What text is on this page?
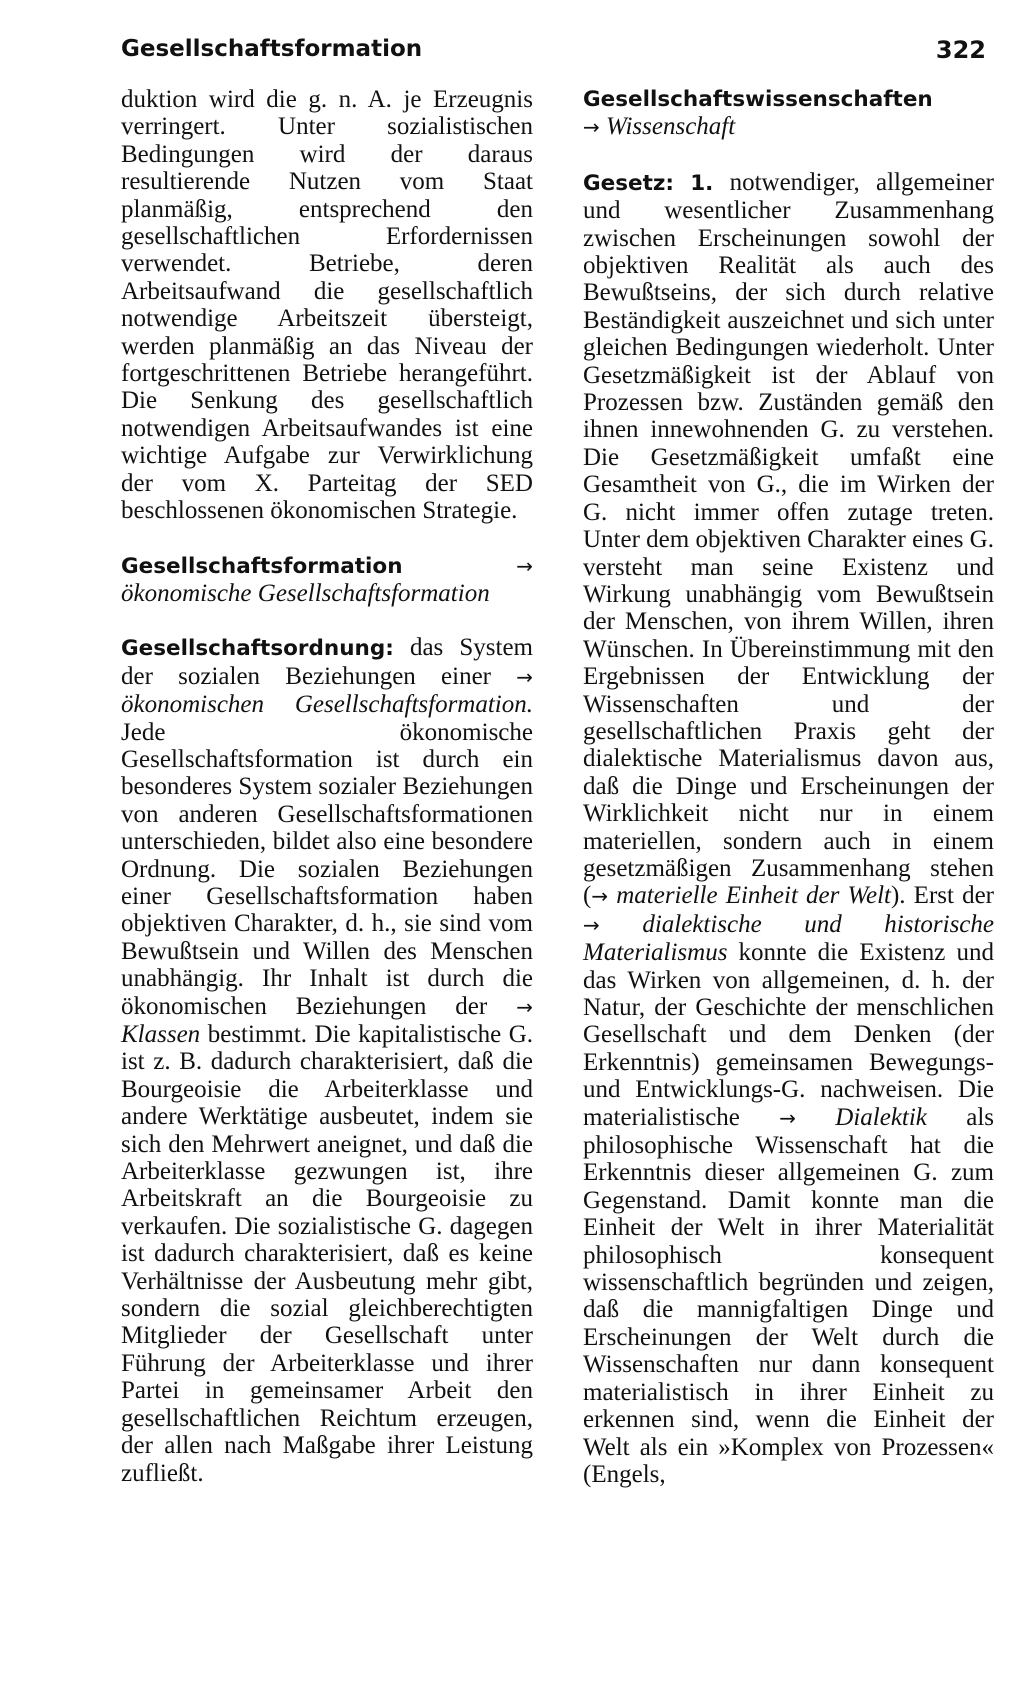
Gesellschaftsformation	322

duktion wird die g. n. A. je Erzeugnis verringert. Unter sozialistischen Bedingungen wird der daraus resultierende Nutzen vom Staat planmäßig, entsprechend den gesellschaftlichen Erfordernissen verwendet. Betriebe, deren Arbeitsaufwand die gesellschaftlich notwendige Arbeitszeit übersteigt, werden planmäßig an das Niveau der fortgeschrittenen Betriebe herangeführt. Die Senkung des gesellschaftlich notwendigen Arbeitsaufwandes ist eine wichtige Aufgabe zur Verwirklichung der vom X. Parteitag der SED beschlossenen ökonomischen Strategie.

Gesellschaftsformation	→ ökonomische Gesellschaftsformation

Gesellschaftsordnung: das System der sozialen Beziehungen einer → ökonomischen Gesellschaftsformation. Jede ökonomische Gesellschaftsformation ist durch ein besonderes System sozialer Beziehungen von anderen Gesellschaftsformationen unterschieden, bildet also eine besondere Ordnung. Die sozialen Beziehungen einer Gesellschaftsformation haben objektiven Charakter, d. h., sie sind vom Bewußtsein und Willen des Menschen unabhängig. Ihr Inhalt ist durch die ökonomischen Beziehungen der → Klassen bestimmt. Die kapitalistische G. ist z. B. dadurch charakterisiert, daß die Bourgeoisie die Arbeiterklasse und andere Werktätige ausbeutet, indem sie sich den Mehrwert aneignet, und daß die Arbeiterklasse gezwungen ist, ihre Arbeitskraft an die Bourgeoisie zu verkaufen. Die sozialistische G. dagegen ist dadurch charakterisiert, daß es keine Verhältnisse der Ausbeutung mehr gibt, sondern die sozial gleichberechtigten Mitglieder der Gesellschaft unter Führung der Arbeiterklasse und ihrer Partei in gemeinsamer Arbeit den gesellschaftlichen Reichtum erzeugen, der allen nach Maßgabe ihrer Leistung zufließt.

Gesellschaftswissenschaften
→ Wissenschaft

Gesetz: 1. notwendiger, allgemeiner und wesentlicher Zusammenhang zwischen Erscheinungen sowohl der objektiven Realität als auch des Bewußtseins, der sich durch relative Beständigkeit auszeichnet und sich unter gleichen Bedingungen wiederholt. Unter Gesetzmäßigkeit ist der Ablauf von Prozessen bzw. Zuständen gemäß den ihnen innewohnenden G. zu verstehen. Die Gesetzmäßigkeit umfaßt eine Gesamtheit von G., die im Wirken der G. nicht immer offen zutage treten. Unter dem objektiven Charakter eines G. versteht man seine Existenz und Wirkung unabhängig vom Bewußtsein der Menschen, von ihrem Willen, ihren Wünschen. In Übereinstimmung mit den Ergebnissen der Entwicklung der Wissenschaften und der gesellschaftlichen Praxis geht der dialektische Materialismus davon aus, daß die Dinge und Erscheinungen der Wirklichkeit nicht nur in einem materiellen, sondern auch in einem gesetzmäßigen Zusammenhang stehen (→ materielle Einheit der Welt). Erst der → dialektische und historische Materialismus konnte die Existenz und das Wirken von allgemeinen, d. h. der Natur, der Geschichte der menschlichen Gesellschaft und dem Denken (der Erkenntnis) gemeinsamen Bewegungs- und Entwicklungs-G. nachweisen. Die materialistische → Dialektik als philosophische Wissenschaft hat die Erkenntnis dieser allgemeinen G. zum Gegenstand. Damit konnte man die Einheit der Welt in ihrer Materialität philosophisch konsequent wissenschaftlich begründen und zeigen, daß die mannigfaltigen Dinge und Erscheinungen der Welt durch die Wissenschaften nur dann konsequent materialistisch in ihrer Einheit zu erkennen sind, wenn die Einheit der Welt als ein »Komplex von Prozessen« (Engels,
